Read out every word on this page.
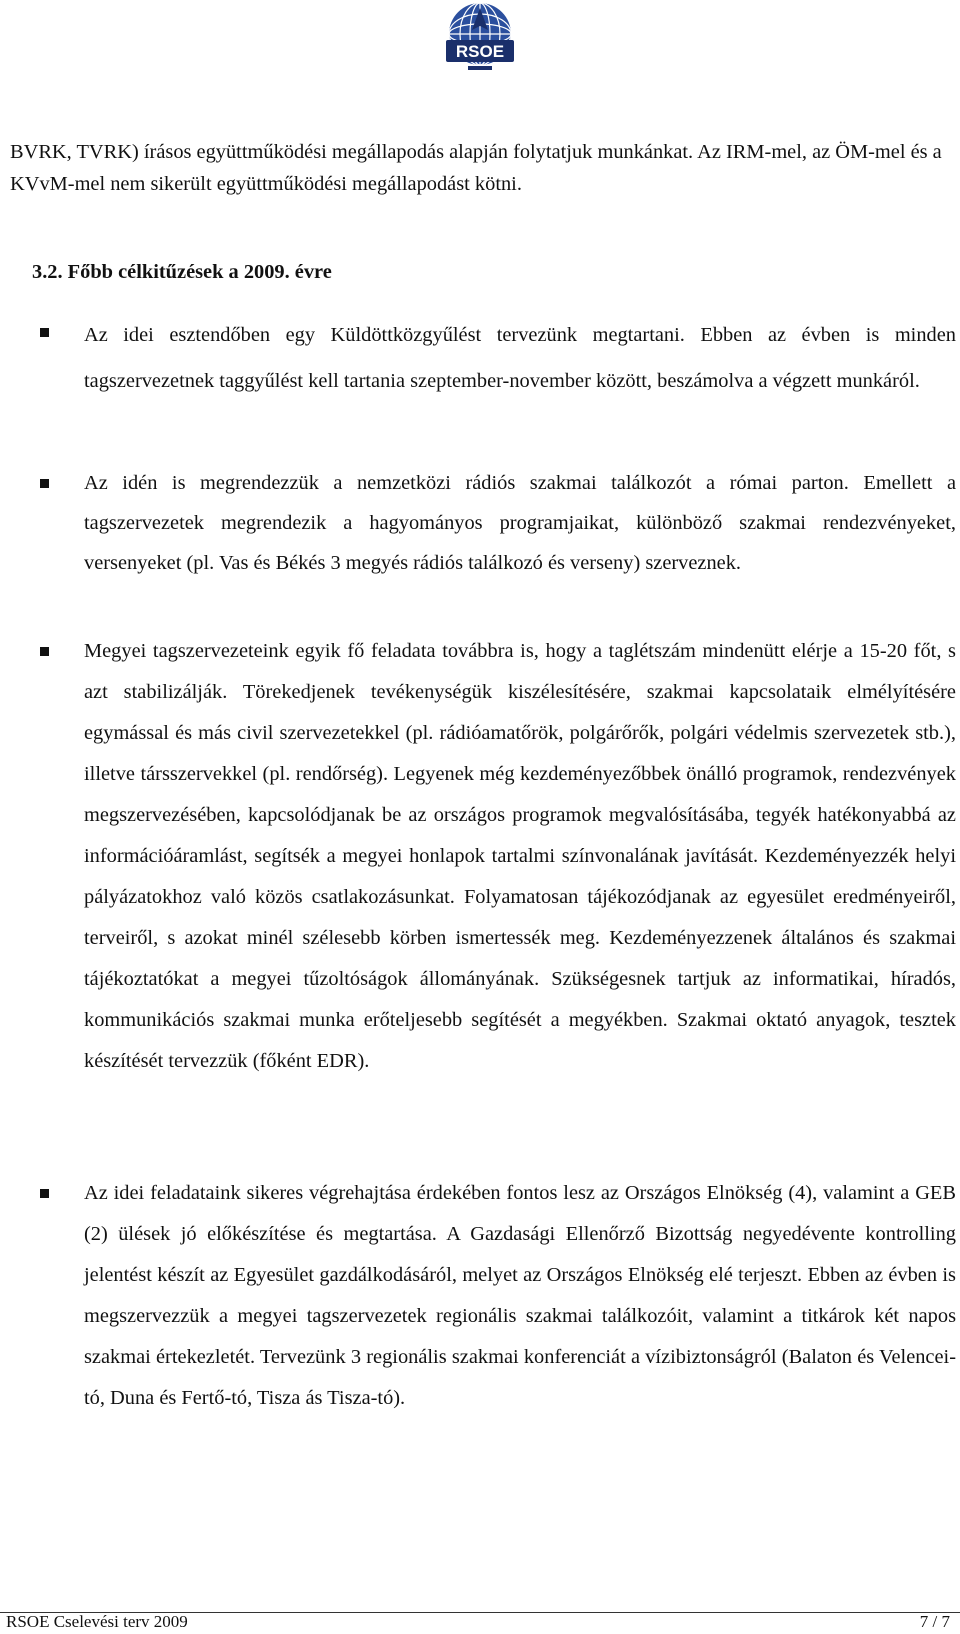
RSOE
BVRK, TVRK) írásos együttműködési megállapodás alapján folytatjuk munkánkat. Az IRM-mel, az ÖM-mel és a KVvM-mel nem sikerült együttműködési megállapodást kötni.
3.2. Főbb célkitűzések a 2009. évre
Az idei esztendőben egy Küldöttközgyűlést tervezünk megtartani. Ebben az évben is minden tagszervezetnek taggyűlést kell tartania szeptember-november között, beszámolva a végzett munkáról.
Az idén is megrendezzük a nemzetközi rádiós szakmai találkozót a római parton. Emellett a tagszervezetek megrendezik a hagyományos programjaikat, különböző szakmai rendezvényeket, versenyeket (pl. Vas és Békés 3 megyés rádiós találkozó és verseny) szerveznek.
Megyei tagszervezeteink egyik fő feladata továbbra is, hogy a taglétszám mindenütt elérje a 15-20 főt, s azt stabilizálják. Törekedjenek tevékenységük kiszélesítésére, szakmai kapcsolataik elmélyítésére egymással és más civil szervezetekkel (pl. rádióamatőrök, polgárőrők, polgári védelmis szervezetek stb.), illetve társszervekkel (pl. rendőrség). Legyenek még kezdeményezőbbek önálló programok, rendezvények megszervezésében, kapcsolódjanak be az országos programok megvalósításába, tegyék hatékonyabbá az információáramlást, segítsék a megyei honlapok tartalmi színvonalának javítását. Kezdeményezzék helyi pályázatokhoz való közös csatlakozásunkat. Folyamatosan tájékozódjanak az egyesület eredményeiről, terveiről, s azokat minél szélesebb körben ismertessék meg. Kezdeményezzenek általános és szakmai tájékoztatókat a megyei tűzoltóságok állományának. Szükségesnek tartjuk az informatikai, híradós, kommunikációs szakmai munka erőteljesebb segítését a megyékben. Szakmai oktató anyagok, tesztek készítését tervezzük (főként EDR).
Az idei feladataink sikeres végrehajtása érdekében fontos lesz az Országos Elnökség (4), valamint a GEB (2) ülések jó előkészítése és megtartása. A Gazdasági Ellenőrző Bizottság negyedévente kontrolling jelentést készít az Egyesület gazdálkodásáról, melyet az Országos Elnökség elé terjeszt. Ebben az évben is megszervezzük a megyei tagszervezetek regionális szakmai találkozóit, valamint a titkárok két napos szakmai értekezletét. Tervezünk 3 regionális szakmai konferenciát a vízibiztonságról (Balaton és Velencei-tó, Duna és Fertő-tó, Tisza ás Tisza-tó).
RSOE Cselevési terv 2009	7 / 7
